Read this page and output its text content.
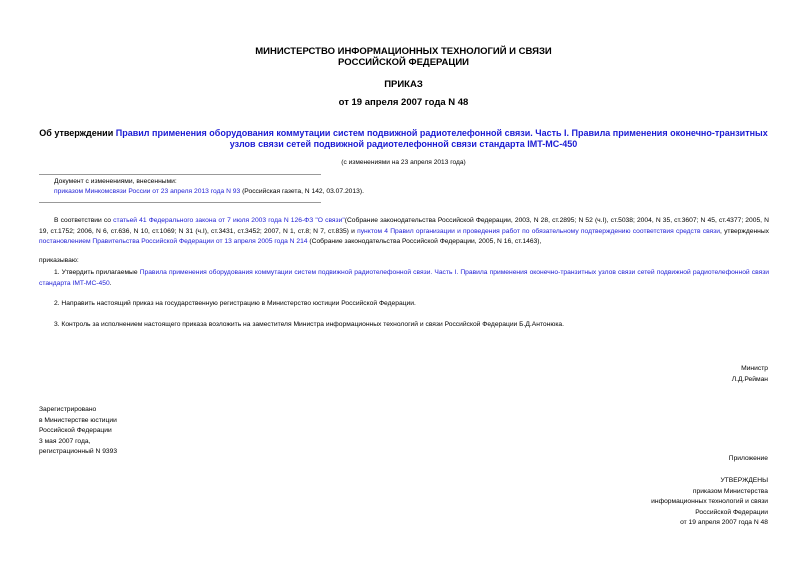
МИНИСТЕРСТВО ИНФОРМАЦИОННЫХ ТЕХНОЛОГИЙ И СВЯЗИ
РОССИЙСКОЙ ФЕДЕРАЦИИ
ПРИКАЗ
от 19 апреля 2007 года N 48
Об утверждении Правил применения оборудования коммутации систем подвижной радиотелефонной связи. Часть I. Правила применения оконечно-транзитных
узлов связи сетей подвижной радиотелефонной связи стандарта IMT-MC-450
(с изменениями на 23 апреля 2013 года)
Документ с изменениями, внесенными:
приказом Минкомсвязи России от 23 апреля 2013 года N 93 (Российская газета, N 142, 03.07.2013).
В соответствии со статьей 41 Федерального закона от 7 июля 2003 года N 126-ФЗ "О связи"(Собрание законодательства Российской Федерации, 2003, N 28, ст.2895; N 52 (ч.I), ст.5038; 2004, N 35, ст.3607; N 45, ст.4377; 2005, N 19, ст.1752; 2006, N 6, ст.636, N 10, ст.1069; N 31 (ч.I), ст.3431, ст.3452; 2007, N 1, ст.8; N 7, ст.835) и пунктом 4 Правил организации и проведения работ по обязательному подтверждению соответствия средств связи, утвержденных постановлением Правительства Российской Федерации от 13 апреля 2005 года N 214 (Собрание законодательства Российской Федерации, 2005, N 16, ст.1463),
приказываю:
1. Утвердить прилагаемые Правила применения оборудования коммутации систем подвижной радиотелефонной связи. Часть I. Правила применения оконечно-транзитных узлов связи сетей подвижной радиотелефонной связи стандарта IMT-MC-450.
2. Направить настоящий приказ на государственную регистрацию в Министерство юстиции Российской Федерации.
3. Контроль за исполнением настоящего приказа возложить на заместителя Министра информационных технологий и связи Российской Федерации Б.Д.Антонюка.
Министр
Л.Д.Рейман
Зарегистрировано
в Министерстве юстиции
Российской Федерации
3 мая 2007 года,
регистрационный N 9393
Приложение
УТВЕРЖДЕНЫ
приказом Министерства
информационных технологий и связи
Российской Федерации
от 19 апреля 2007 года N 48
